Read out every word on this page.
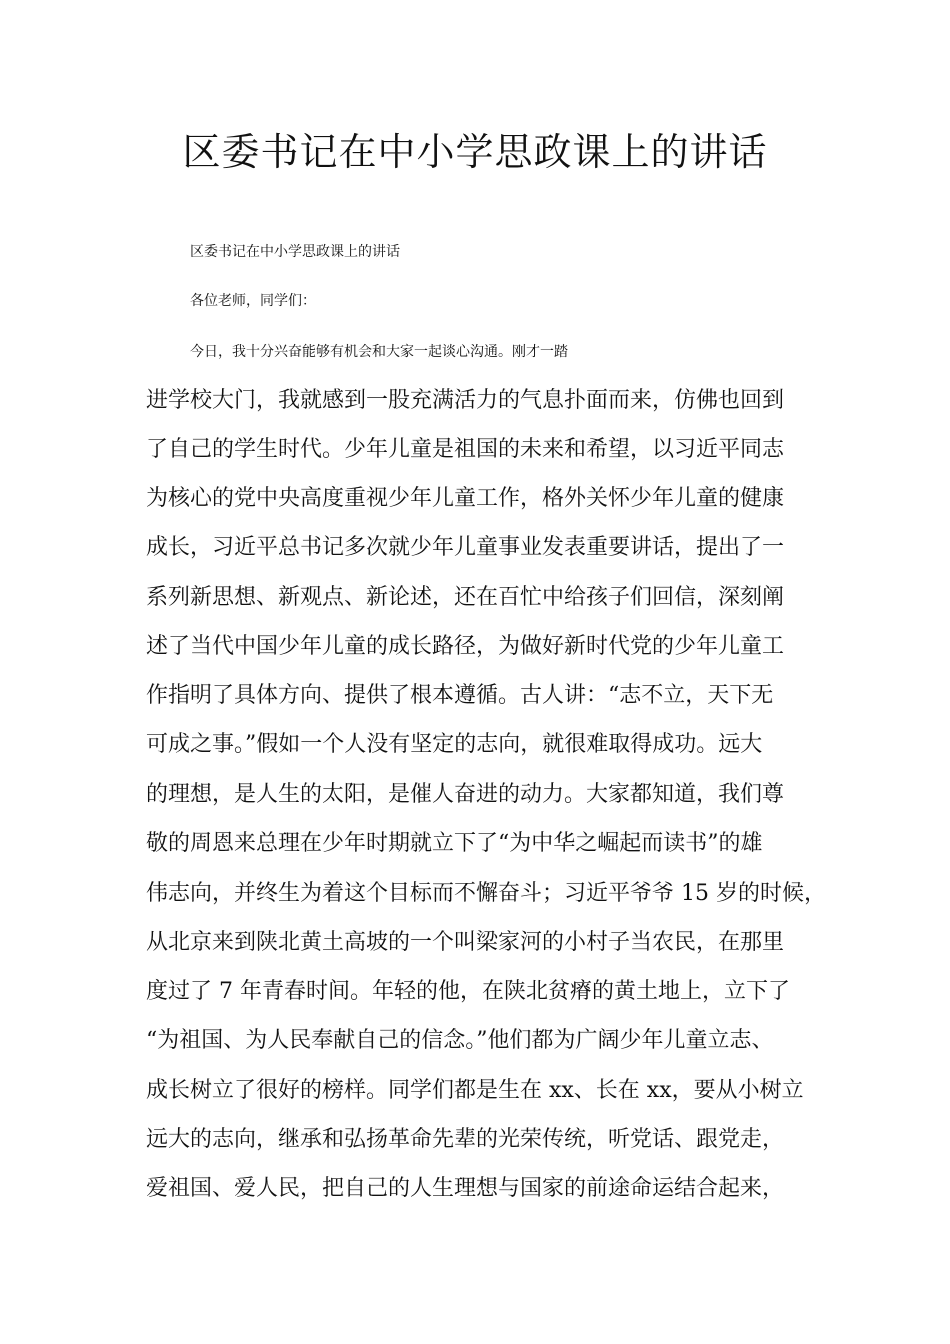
区委书记在中小学思政课上的讲话
区委书记在中小学思政课上的讲话
各位老师，同学们：
今日，我十分兴奋能够有机会和大家一起谈心沟通。刚才一踏
进学校大门，我就感到一股充满活力的气息扑面而来，仿佛也回到
了自己的学生时代。少年儿童是祖国的未来和希望，以习近平同志
为核心的党中央高度重视少年儿童工作，格外关怀少年儿童的健康
成长，习近平总书记多次就少年儿童事业发表重要讲话，提出了一
系列新思想、新观点、新论述，还在百忙中给孩子们回信，深刻阐
述了当代中国少年儿童的成长路径，为做好新时代党的少年儿童工
作指明了具体方向、提供了根本遵循。古人讲：“志不立，天下无
可成之事。”假如一个人没有坚定的志向，就很难取得成功。远大
的理想，是人生的太阳，是催人奋进的动力。大家都知道，我们尊
敬的周恩来总理在少年时期就立下了“为中华之崛起而读书”的雄
伟志向，并终生为着这个目标而不懈奋斗；习近平爷爷 15 岁的时候，
从北京来到陕北黄土高坡的一个叫梁家河的小村子当农民，在那里
度过了 7 年青春时间。年轻的他，在陕北贫瘠的黄土地上，立下了
“为祖国、为人民奉献自己的信念。”他们都为广阔少年儿童立志、
成长树立了很好的榜样。同学们都是生在 xx、长在 xx，要从小树立
远大的志向，继承和弘扬革命先辈的光荣传统，听党话、跟党走，
爱祖国、爱人民，把自己的人生理想与国家的前途命运结合起来，
